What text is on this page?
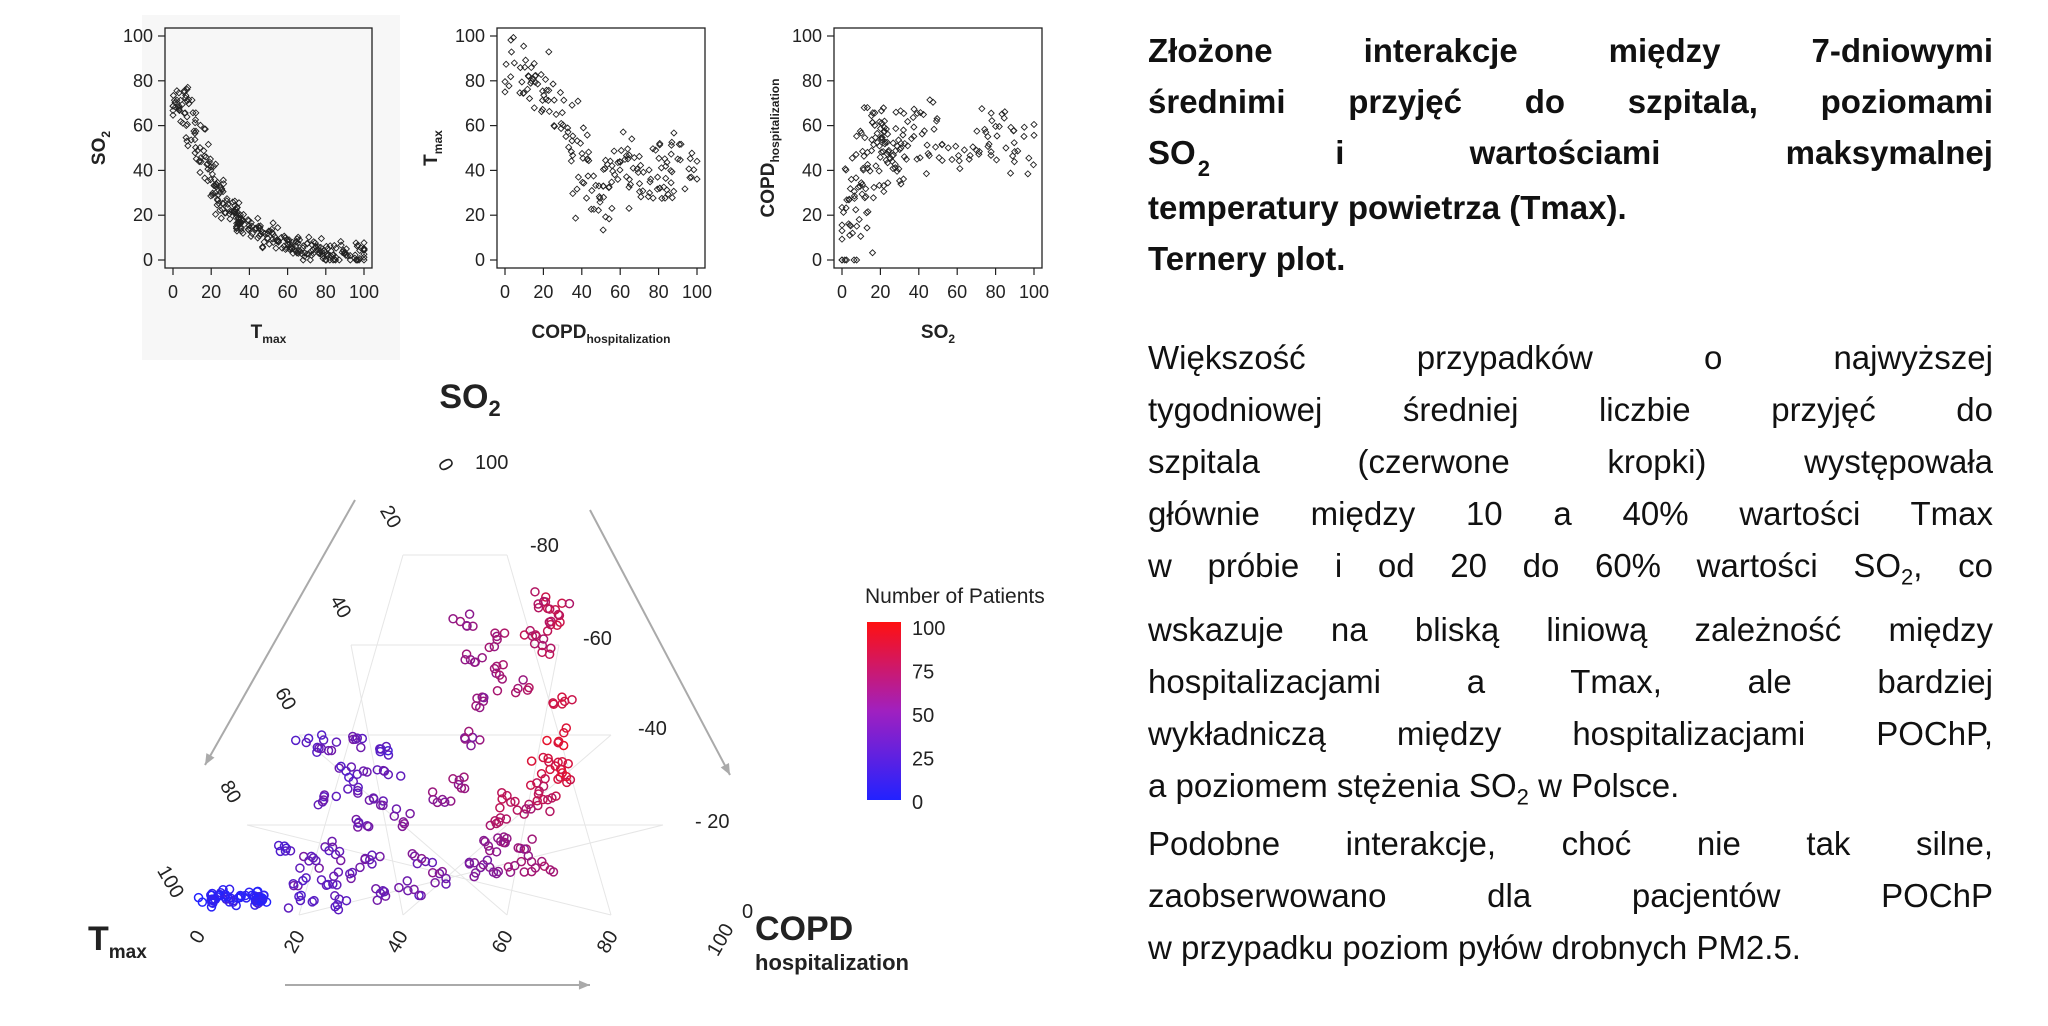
0 20 40 60 80 100
0
20
40
60
80
100
$T_{max}$
$SO_2$
0 20 40 60 80 100
0
20
40
60
80
100
$COPD_{hospitalization}$
$T_{max}$
0 20 40 60 80 100
0
20
40
60
80
100
$SO_2$
$COPD_{hospitalization}$
0
20
40
60
80
100
100
-80
-60
-40
- 20
0
0	20	40	60	80	100
$SO_2$
$T_{max}$
COPD
hospitalization
Number of Patients
100
75
50
25
0
Złożone interakcje między 7-dniowymi
średnimi przyjęć do szpitala, poziomami
$SO_2$	i	wartościami	maksymalnej
temperatury powietrza (Tmax).
Ternery plot.
Większość przypadków o najwyższej
tygodniowej średniej liczbie przyjęć do
szpitala (czerwone kropki) występowała
głównie między 10 a 40% wartości Tmax
w próbie i od 20 do 60% wartości $SO_2$, co
wskazuje na bliską liniową zależność między
hospitalizacjami a Tmax, ale bardziej
wykładniczą między hospitalizacjami POChP,
a poziomem stężenia $SO_2$ w Polsce.
Podobne interakcje, choć nie tak silne,
zaobserwowano dla pacjentów POChP
w przypadku poziom pyłów drobnych PM2.5.
